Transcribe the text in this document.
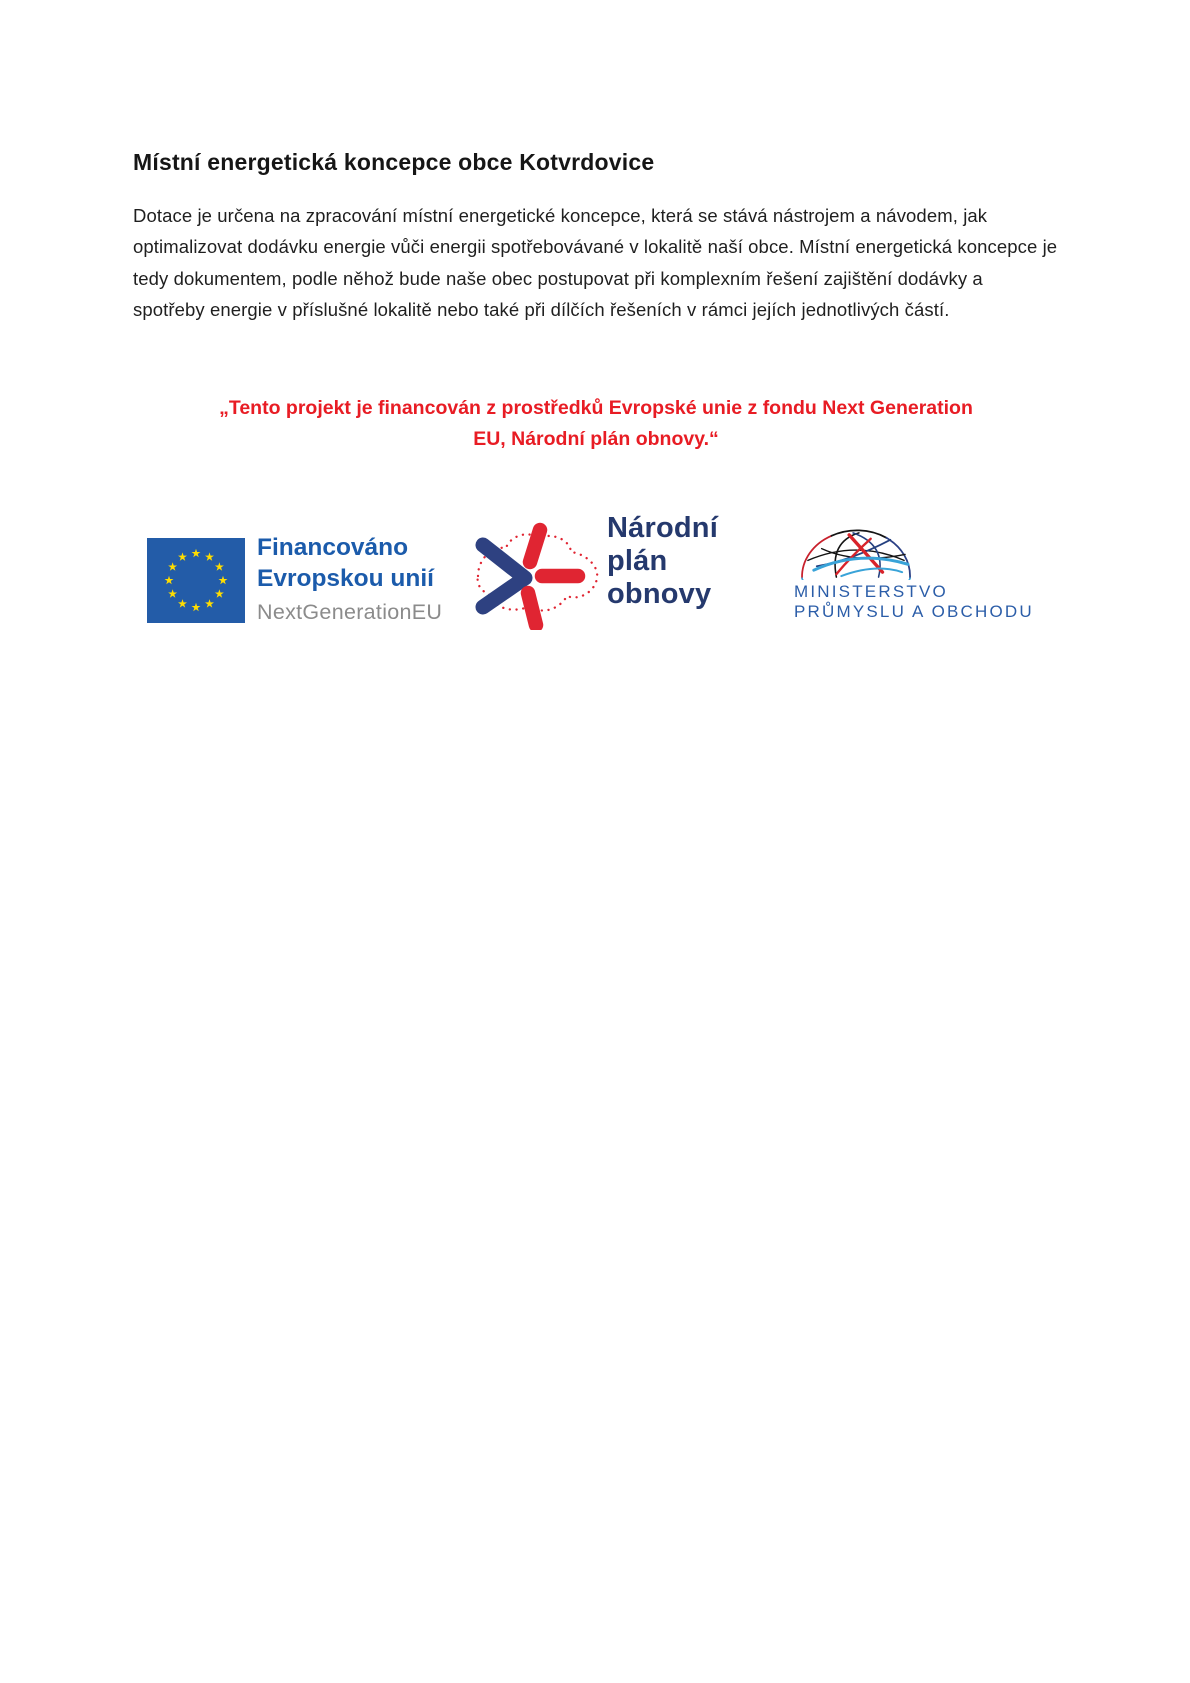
Místní energetická koncepce obce Kotvrdovice

Dotace je určena na zpracování místní energetické koncepce, která se stává nástrojem a návodem, jak optimalizovat dodávku energie vůči energii spotřebovávané v lokalitě naší obce. Místní energetická koncepce je tedy dokumentem, podle něhož bude naše obec postupovat při komplexním řešení zajištění dodávky a spotřeby energie v příslušné lokalitě nebo také při dílčích řešeních v rámci jejích jednotlivých částí.

„Tento projekt je financován z prostředků Evropské unie z fondu Next Generation
EU, Národní plán obnovy.“
Financováno
Evropskou unií
NextGenerationEU
Národní
plán
obnovy	MINISTERSTVO
PRŮMYSLU A OBCHODU
